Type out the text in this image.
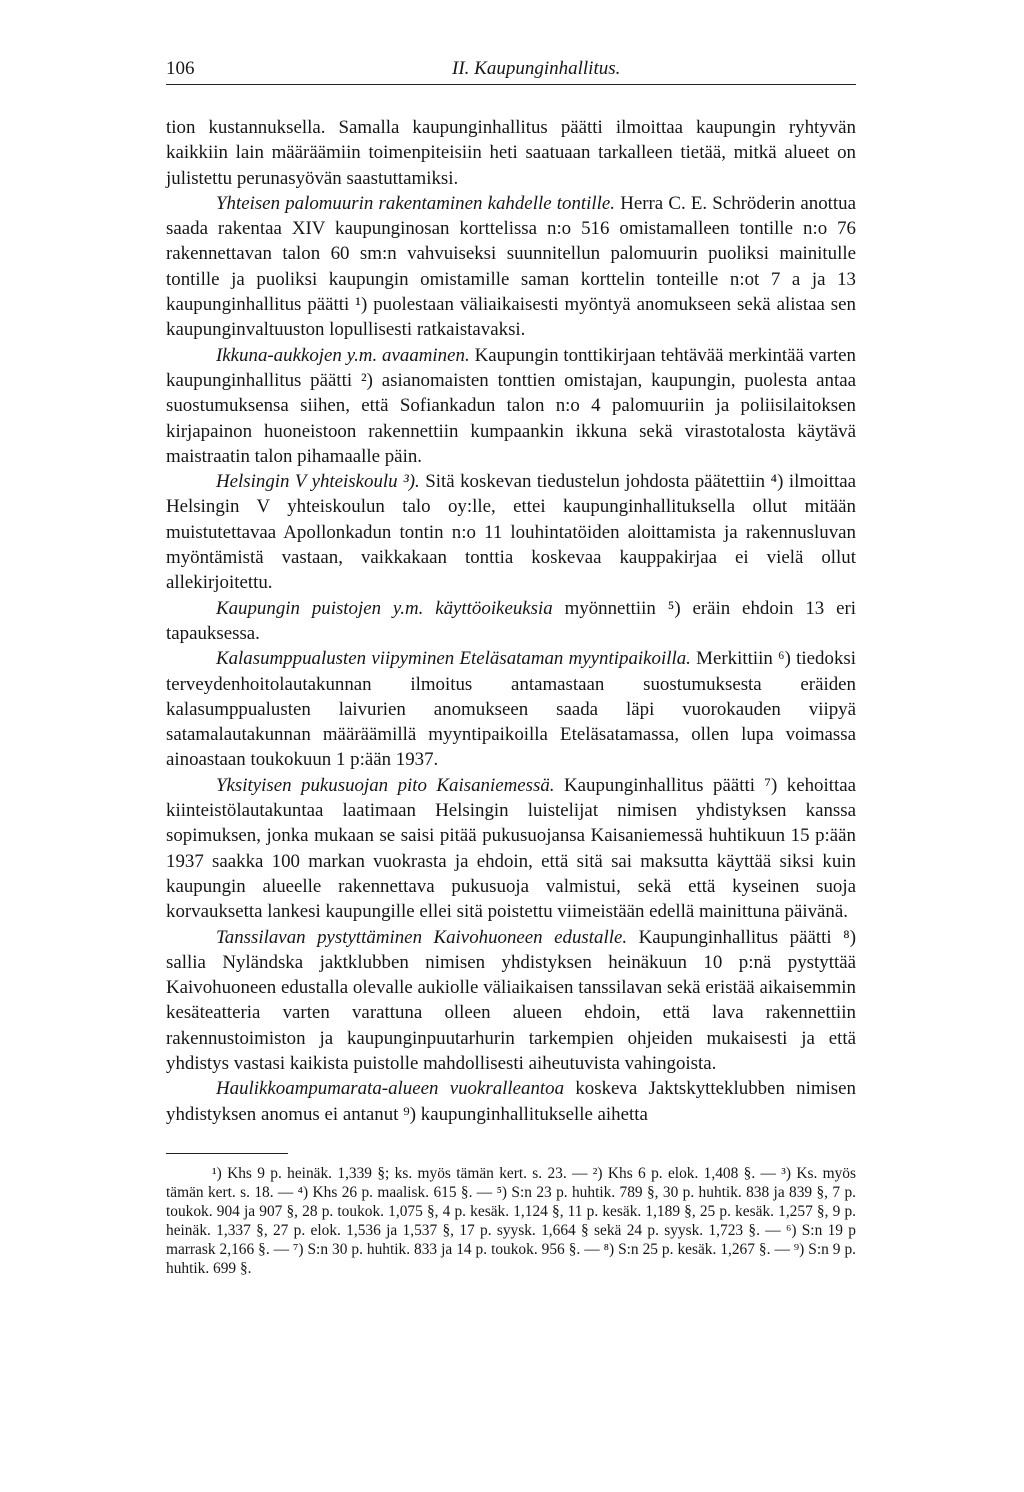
106	II. Kaupunginhallitus.

tion kustannuksella. Samalla kaupunginhallitus päätti ilmoittaa kaupungin ryhtyvän kaikkiin lain määräämiin toimenpiteisiin heti saatuaan tarkalleen tietää, mitkä alueet on julistettu perunasyövän saastuttamiksi.

Yhteisen palomuurin rakentaminen kahdelle tontille. Herra C. E. Schröderin anottua saada rakentaa XIV kaupunginosan korttelissa n:o 516 omistamalleen tontille n:o 76 rakennettavan talon 60 sm:n vahvuiseksi suunnitellun palomuurin puoliksi mainitulle tontille ja puoliksi kaupungin omistamille saman korttelin tonteille n:ot 7 a ja 13 kaupunginhallitus päätti ¹) puolestaan väliaikaisesti myöntyä anomukseen sekä alistaa sen kaupunginvaltuuston lopullisesti ratkaistavaksi.

Ikkuna-aukkojen y.m. avaaminen. Kaupungin tonttikirjaan tehtävää merkintää varten kaupunginhallitus päätti ²) asianomaisten tonttien omistajan, kaupungin, puolesta antaa suostumuksensa siihen, että Sofiankadun talon n:o 4 palomuuriin ja poliisilaitoksen kirjapainon huoneistoon rakennettiin kumpaankin ikkuna sekä virastotalosta käytävä maistraatin talon pihamaalle päin.

Helsingin V yhteiskoulu ³). Sitä koskevan tiedustelun johdosta päätettiin ⁴) ilmoittaa Helsingin V yhteiskoulun talo oy:lle, ettei kaupunginhallituksella ollut mitään muistutettavaa Apollonkadun tontin n:o 11 louhintatöiden aloittamista ja rakennusluvan myöntämistä vastaan, vaikkakaan tonttia koskevaa kauppakirjaa ei vielä ollut allekirjoitettu.

Kaupungin puistojen y.m. käyttöoikeuksia myönnettiin ⁵) eräin ehdoin 13 eri tapauksessa.

Kalasumppualusten viipyminen Eteläsataman myyntipaikoilla. Merkittiin ⁶) tiedoksi terveydenhoitolautakunnan ilmoitus antamastaan suostumuksesta eräiden kalasumppualusten laivurien anomukseen saada läpi vuorokauden viipyä satamalautakunnan määräämillä myyntipaikoilla Eteläsatamassa, ollen lupa voimassa ainoastaan toukokuun 1 p:ään 1937.

Yksityisen pukusuojan pito Kaisaniemessä. Kaupunginhallitus päätti ⁷) kehoittaa kiinteistölautakuntaa laatimaan Helsingin luistelijat nimisen yhdistyksen kanssa sopimuksen, jonka mukaan se saisi pitää pukusuojansa Kaisaniemessä huhtikuun 15 p:ään 1937 saakka 100 markan vuokrasta ja ehdoin, että sitä sai maksutta käyttää siksi kuin kaupungin alueelle rakennettava pukusuoja valmistui, sekä että kyseinen suoja korvauksetta lankesi kaupungille ellei sitä poistettu viimeistään edellä mainittuna päivänä.

Tanssilavan pystyttäminen Kaivohuoneen edustalle. Kaupunginhallitus päätti ⁸) sallia Nyländska jaktklubben nimisen yhdistyksen heinäkuun 10 p:nä pystyttää Kaivohuoneen edustalla olevalle aukiolle väliaikaisen tanssilavan sekä eristää aikaisemmin kesäteatteria varten varattuna olleen alueen ehdoin, että lava rakennettiin rakennustoimiston ja kaupunginpuutarhurin tarkempien ohjeiden mukaisesti ja että yhdistys vastasi kaikista puistolle mahdollisesti aiheutuvista vahingoista.

Haulikkoampumarata-alueen vuokralleantoa koskeva Jaktskytteklubben nimisen yhdistyksen anomus ei antanut ⁹) kaupunginhallitukselle aihetta

¹) Khs 9 p. heinäk. 1,339 §; ks. myös tämän kert. s. 23. — ²) Khs 6 p. elok. 1,408 §. — ³) Ks. myös tämän kert. s. 18. — ⁴) Khs 26 p. maalisk. 615 §. — ⁵) S:n 23 p. huhtik. 789 §, 30 p. huhtik. 838 ja 839 §, 7 p. toukok. 904 ja 907 §, 28 p. toukok. 1,075 §, 4 p. kesäk. 1,124 §, 11 p. kesäk. 1,189 §, 25 p. kesäk. 1,257 §, 9 p. heinäk. 1,337 §, 27 p. elok. 1,536 ja 1,537 §, 17 p. syysk. 1,664 § sekä 24 p. syysk. 1,723 §. — ⁶) S:n 19 p marrask 2,166 §. — ⁷) S:n 30 p. huhtik. 833 ja 14 p. toukok. 956 §. — ⁸) S:n 25 p. kesäk. 1,267 §. — ⁹) S:n 9 p. huhtik. 699 §.
